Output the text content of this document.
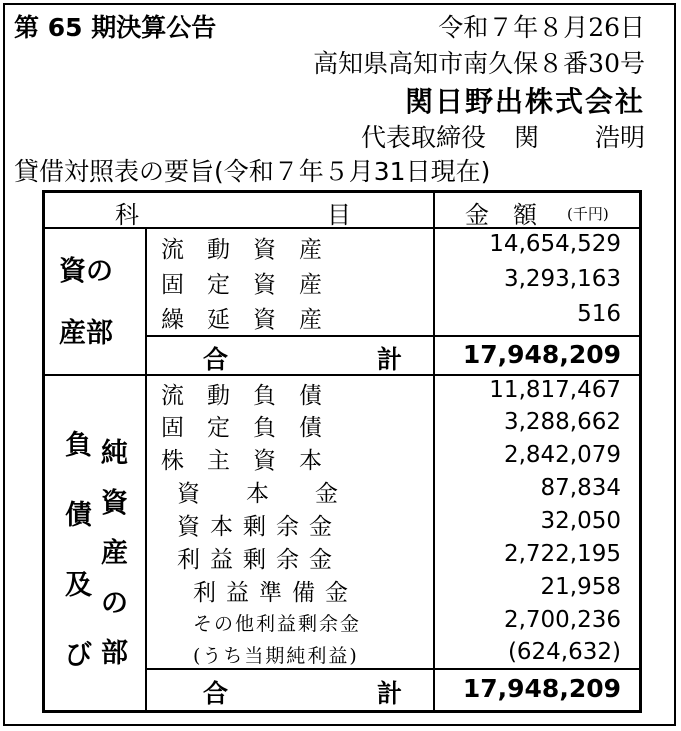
第 65 期決算公告	令和７年８月26日
高知県高知市南久保８番30号
関日野出株式会社
代表取締役 関 浩明
貸借対照表の要旨(令和７年５月31日現在)
科	目	金　額 (千円)
資の
産部
流　動　資　産	14,654,529
固　定　資　産	3,293,163
繰　延　資　産	516
合	計	17,948,209
負
債
及
び
純
資
産
の
部
流　動　負　債	11,817,467
固　定　負　債	3,288,662
株　主　資　本	2,842,079
資　　本　　金	87,834
資本剰余金	32,050
利益剰余金	2,722,195
利益準備金	21,958
その他利益剰余金	2,700,236
(うち当期純利益)	(624,632)
合	計	17,948,209
